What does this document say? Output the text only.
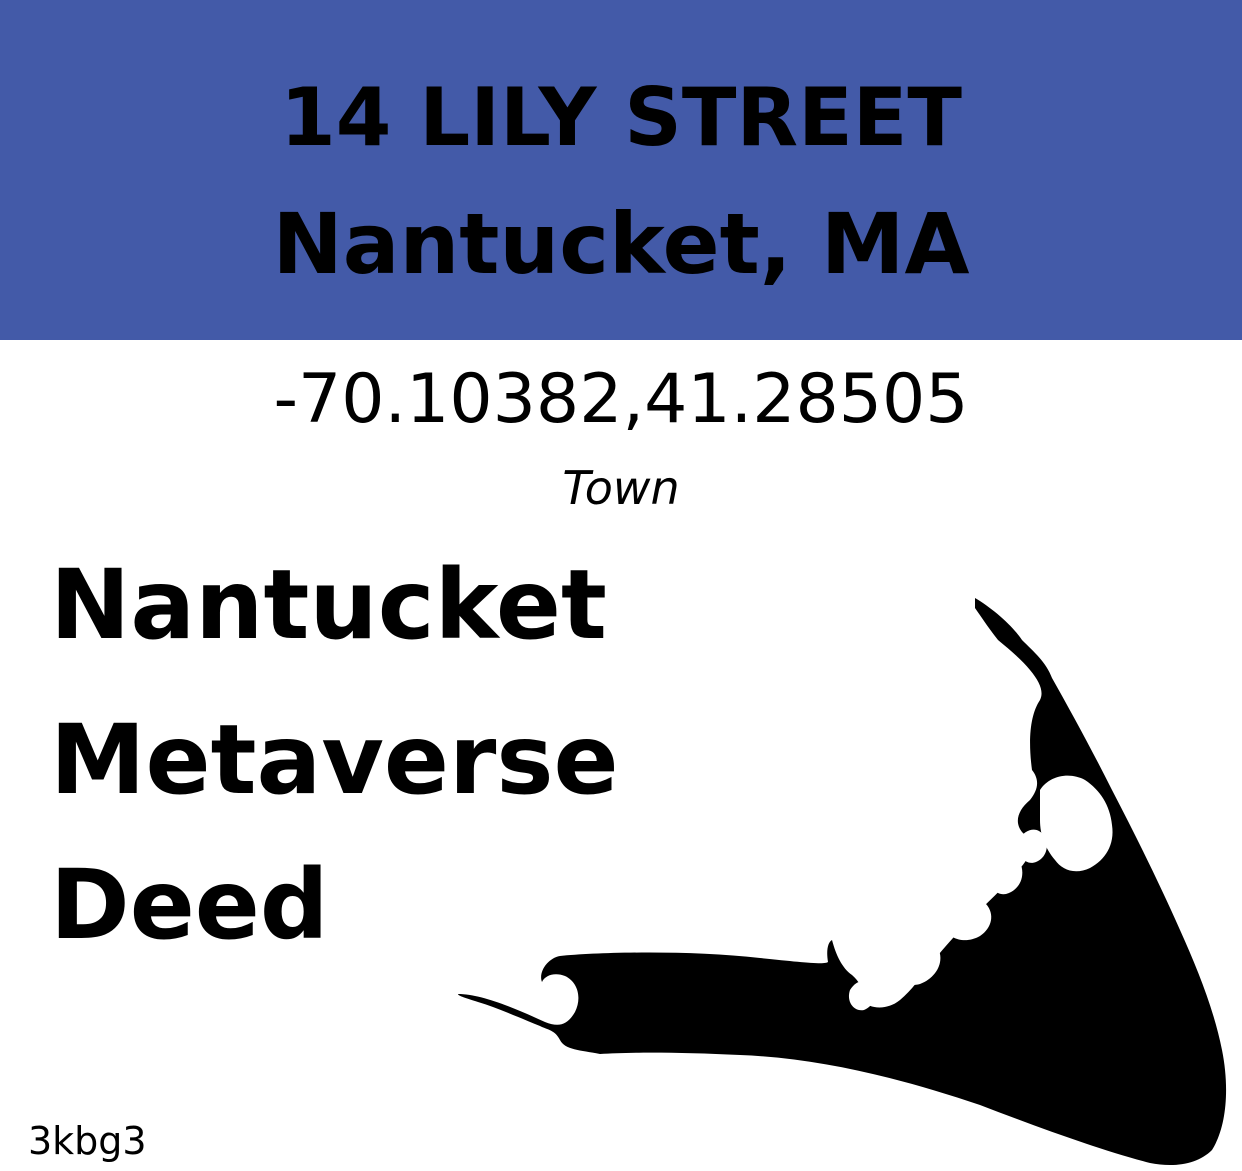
14 LILY STREET
Nantucket, MA
-70.10382,41.28505
Town
Nantucket
Metaverse
Deed
3kbg3
